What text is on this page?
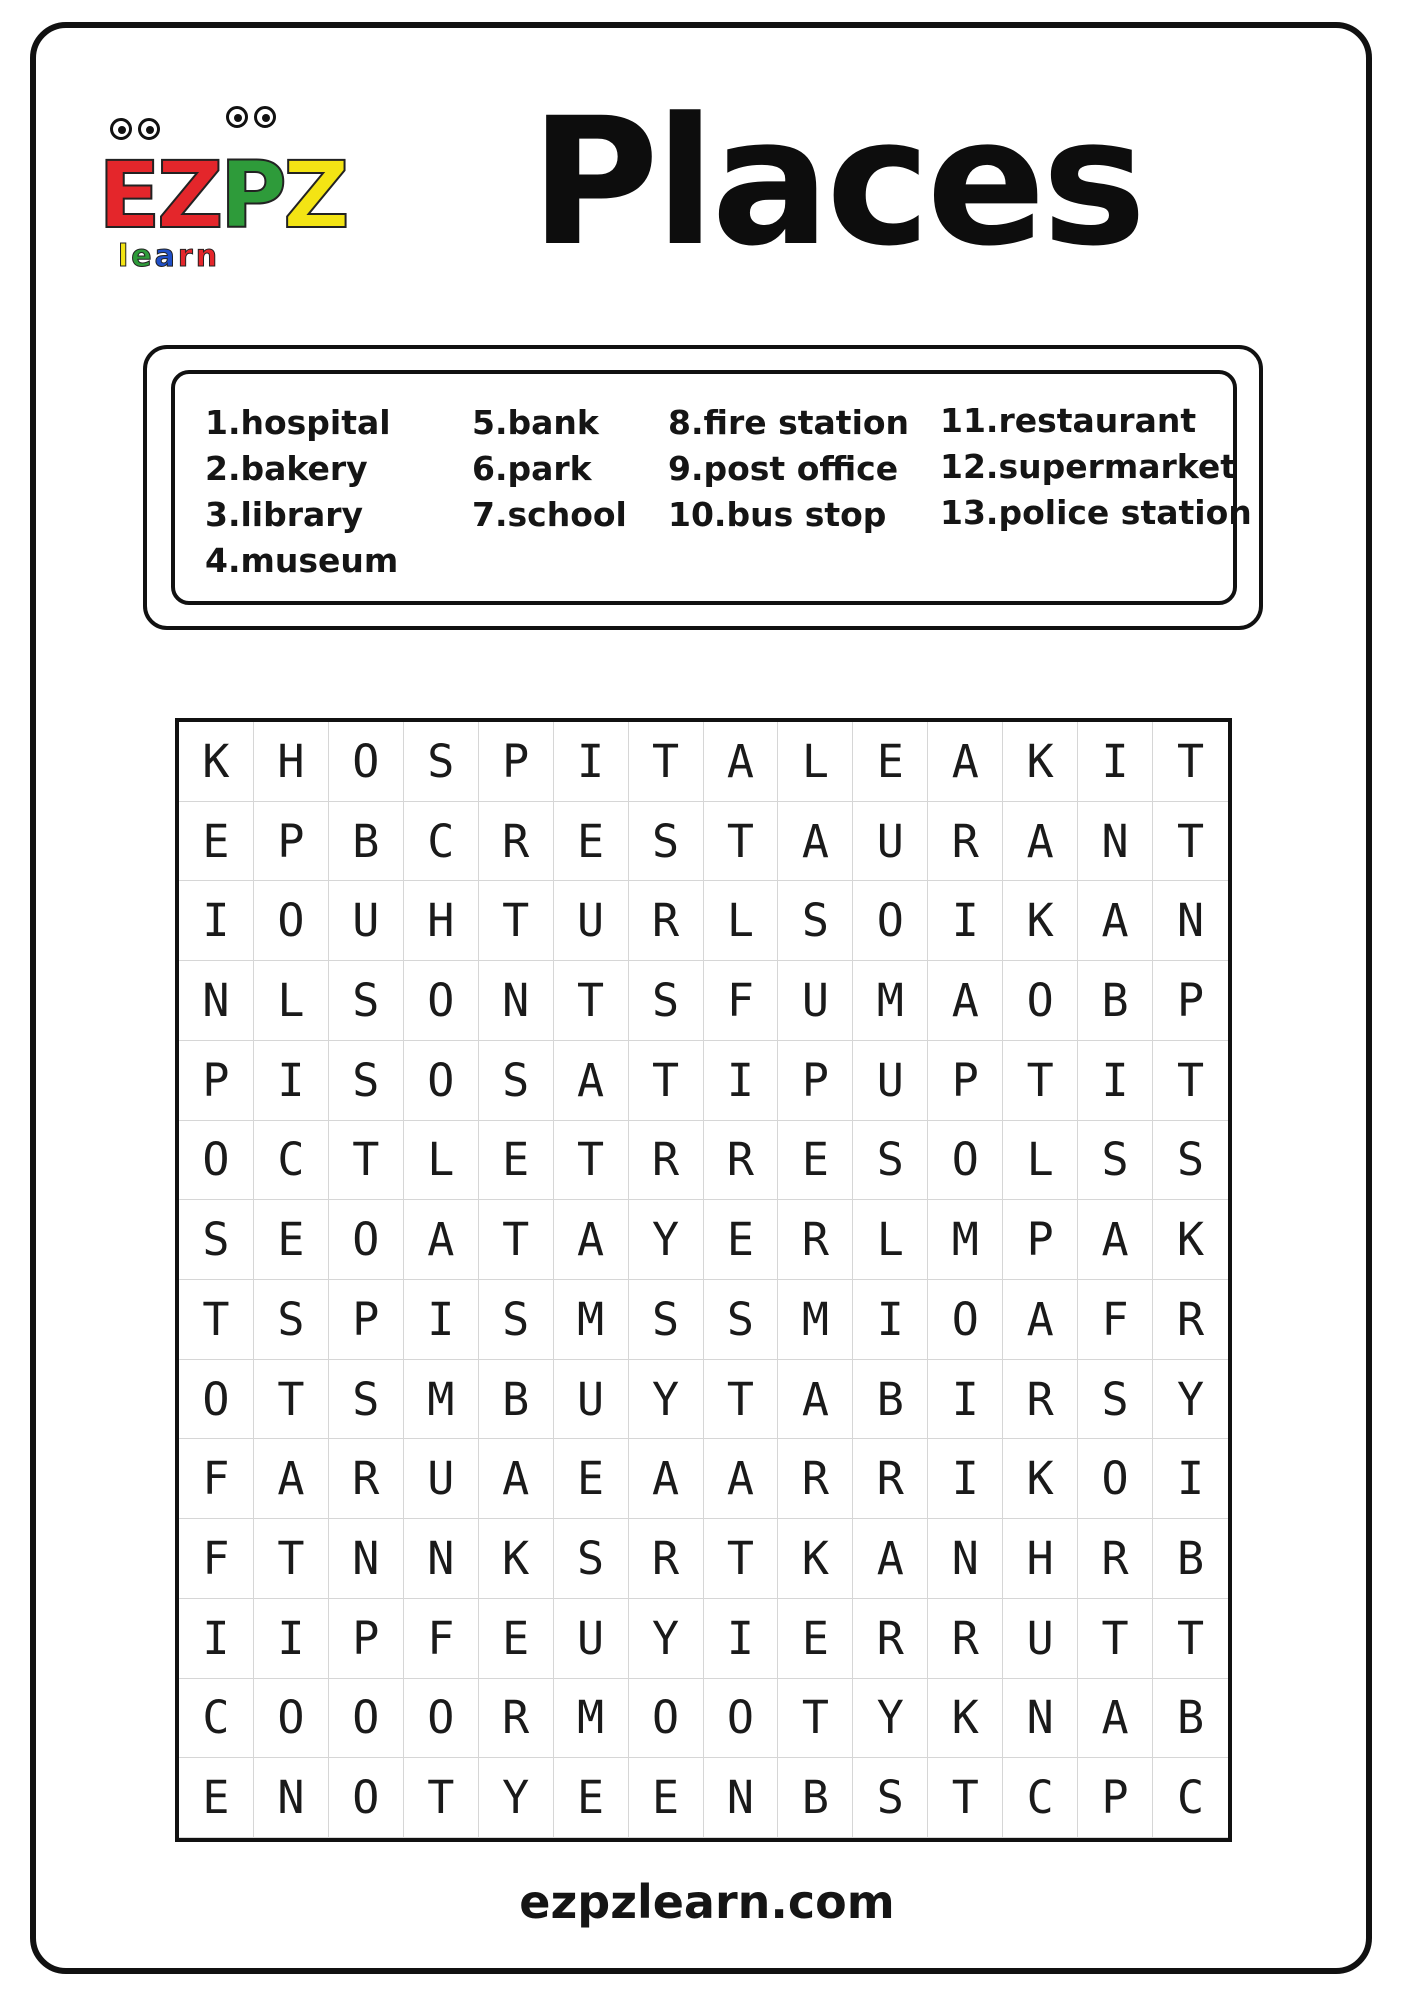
EZPZ
learn Places
1.hospital
2.bakery
3.library
4.museum
5.bank
6.park
7.school
8.fire station
9.post office
10.bus stop
11.restaurant
12.supermarket
13.police station
K	H	O	S	P	I	T	A	L	E	A	K	I	T
E	P	B	C	R	E	S	T	A	U	R	A	N	T
I	O	U	H	T	U	R	L	S	O	I	K	A	N
N	L	S	O	N	T	S	F	U	M	A	O	B	P
P	I	S	O	S	A	T	I	P	U	P	T	I	T
O	C	T	L	E	T	R	R	E	S	O	L	S	S
S	E	O	A	T	A	Y	E	R	L	M	P	A	K
T	S	P	I	S	M	S	S	M	I	O	A	F	R
O	T	S	M	B	U	Y	T	A	B	I	R	S	Y
F	A	R	U	A	E	A	A	R	R	I	K	O	I
F	T	N	N	K	S	R	T	K	A	N	H	R	B
I	I	P	F	E	U	Y	I	E	R	R	U	T	T
C	O	O	O	R	M	O	O	T	Y	K	N	A	B
E	N	O	T	Y	E	E	N	B	S	T	C	P	C
ezpzlearn.com
